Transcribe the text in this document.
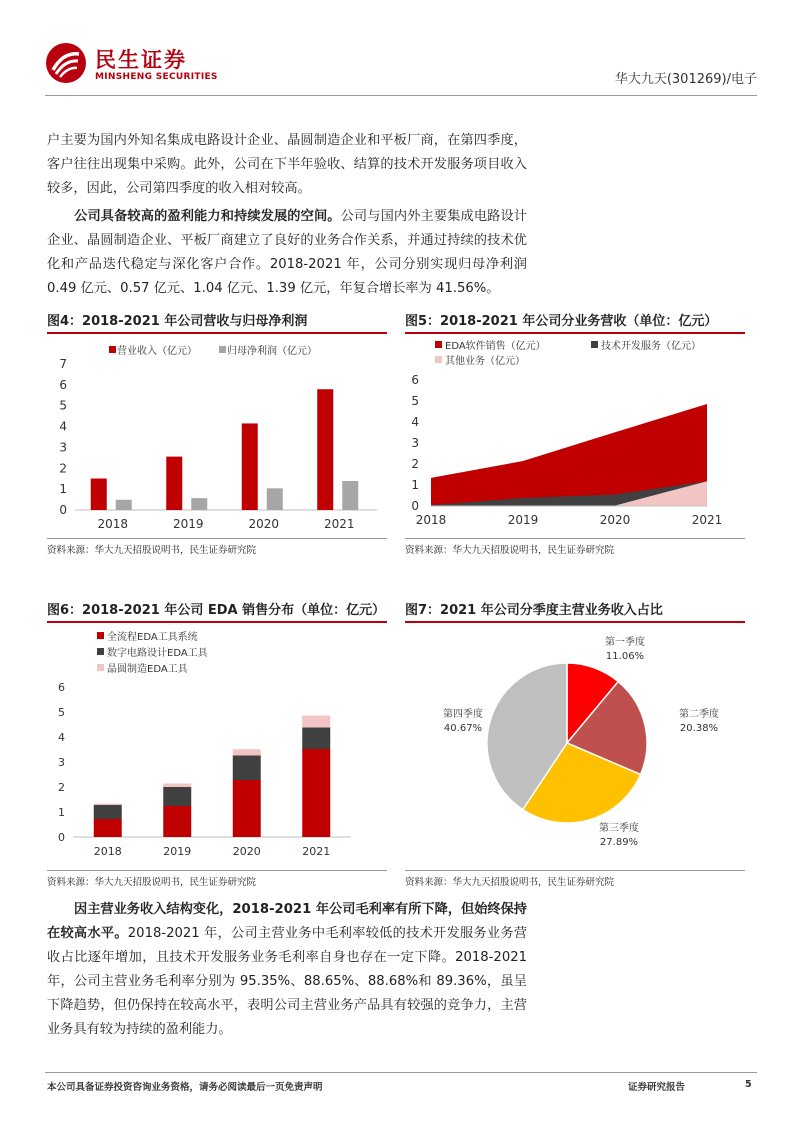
民生证券
MINSHENG SECURITIES	华大九天(301269)/电子
户主要为国内外知名集成电路设计企业、晶圆制造企业和平板厂商，在第四季度，客户往往出现集中采购。此外，公司在下半年验收、结算的技术开发服务项目收入较多，因此，公司第四季度的收入相对较高。
公司具备较高的盈利能力和持续发展的空间。公司与国内外主要集成电路设计企业、晶圆制造企业、平板厂商建立了良好的业务合作关系，并通过持续的技术优化和产品迭代稳定与深化客户合作。2018-2021 年，公司分别实现归母净利润 0.49 亿元、0.57 亿元、1.04 亿元、1.39 亿元，年复合增长率为 41.56%。
图4：2018-2021 年公司营收与归母净利润
0
1
2
3
4
5
6
7
2018	2019	2020	2021
营业收入（亿元）	归母净利润（亿元）
资料来源：华大九天招股说明书，民生证券研究院
图5：2018-2021 年公司分业务营收（单位：亿元）
0
1
2
3
4
5
6
2018	2019	2020	2021
EDA软件销售（亿元）	技术开发服务（亿元）
其他业务（亿元）
资料来源：华大九天招股说明书，民生证券研究院
图6：2018-2021 年公司 EDA 销售分布（单位：亿元）
0
1
2
3
4
5
6
2018	2019	2020	2021
全流程EDA工具系统
数字电路设计EDA工具
晶圆制造EDA工具
资料来源：华大九天招股说明书，民生证券研究院
图7：2021 年公司分季度主营业务收入占比
第一季度
11.06%
第二季度
20.38%
第三季度
27.89%
第四季度
40.67%
资料来源：华大九天招股说明书，民生证券研究院
因主营业务收入结构变化，2018-2021 年公司毛利率有所下降，但始终保持在较高水平。2018-2021 年，公司主营业务中毛利率较低的技术开发服务业务营收占比逐年增加，且技术开发服务业务毛利率自身也存在一定下降。2018-2021 年，公司主营业务毛利率分别为 95.35%、88.65%、88.68%和 89.36%，虽呈下降趋势，但仍保持在较高水平，表明公司主营业务产品具有较强的竞争力，主营业务具有较为持续的盈利能力。
本公司具备证券投资咨询业务资格，请务必阅读最后一页免责声明	证券研究报告	5
